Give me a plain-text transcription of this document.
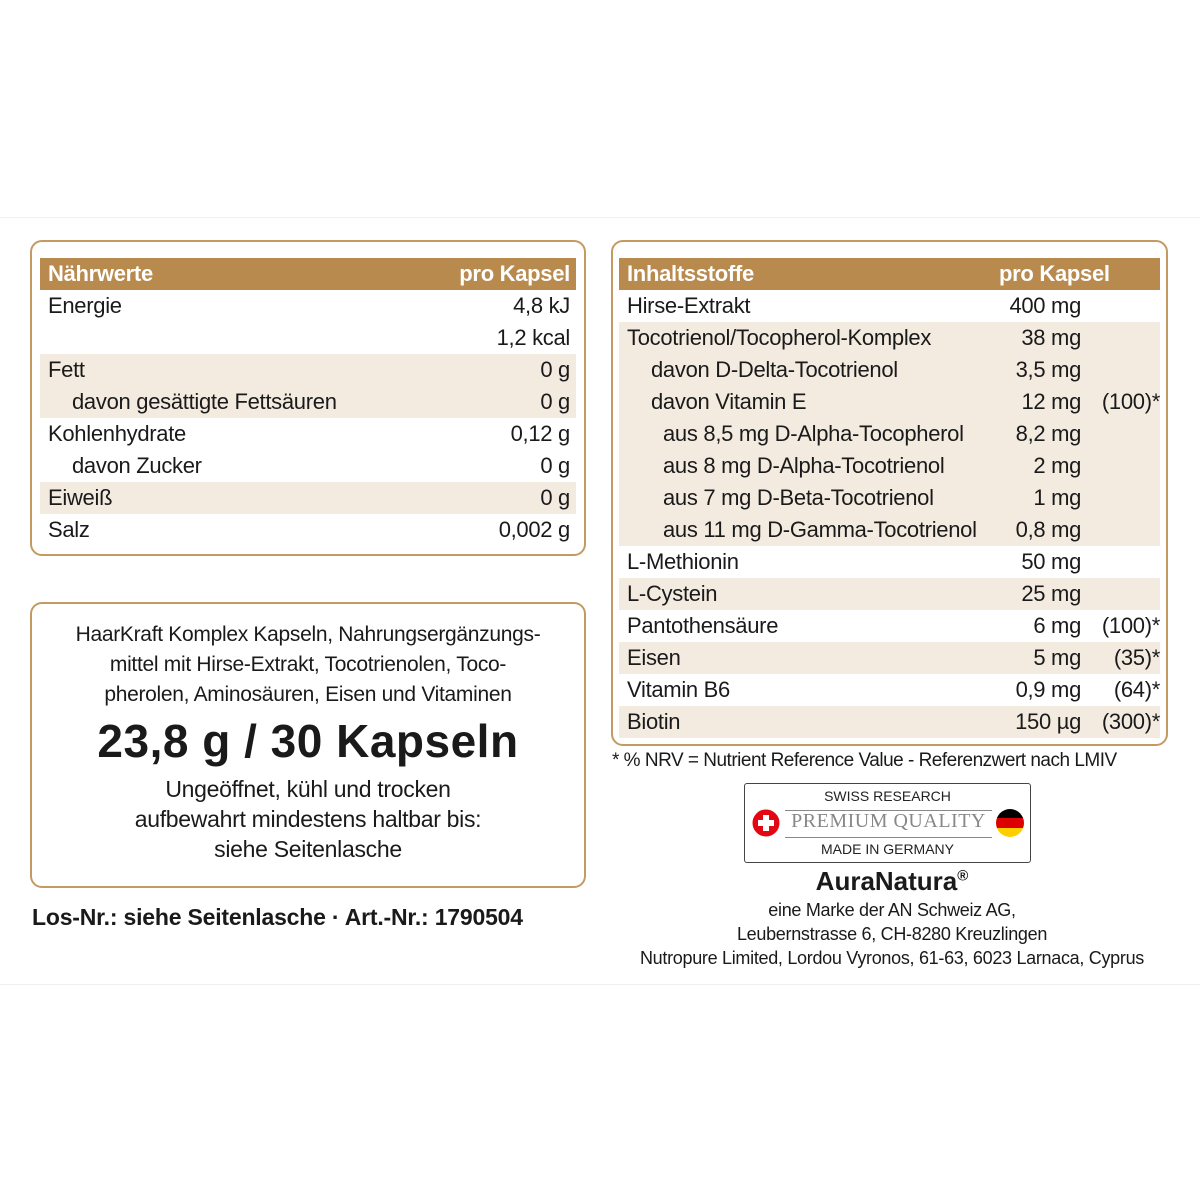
Nährwerte	pro Kapsel
Energie	4,8 kJ
1,2 kcal
Fett	0 g
davon gesättigte Fettsäuren	0 g
Kohlenhydrate	0,12 g
davon Zucker	0 g
Eiweiß	0 g
Salz	0,002 g
HaarKraft Komplex Kapseln, Nahrungsergänzungs-
mittel mit Hirse-Extrakt, Tocotrienolen, Toco-
pherolen, Aminosäuren, Eisen und Vitaminen
23,8 g / 30 Kapseln
Ungeöffnet, kühl und trocken
aufbewahrt mindestens haltbar bis:
siehe Seitenlasche
Los-Nr.: siehe Seitenlasche · Art.-Nr.: 1790504
Inhaltsstoffe	pro Kapsel
Hirse-Extrakt	400 mg
Tocotrienol/Tocopherol-Komplex	38 mg
davon D-Delta-Tocotrienol	3,5 mg
davon Vitamin E	12 mg (100)*
aus 8,5 mg D-Alpha-Tocopherol	8,2 mg
aus 8 mg D-Alpha-Tocotrienol	2 mg
aus 7 mg D-Beta-Tocotrienol	1 mg
aus 11 mg D-Gamma-Tocotrienol	0,8 mg
L-Methionin	50 mg
L-Cystein	25 mg
Pantothensäure	6 mg (100)*
Eisen	5 mg	(35)*
Vitamin B6	0,9 mg	(64)*
Biotin	150 µg (300)*
* % NRV = Nutrient Reference Value - Referenzwert nach LMIV
SWISS RESEARCH
PREMIUM QUALITY
MADE IN GERMANY
AuraNatura®
eine Marke der AN Schweiz AG,
Leubernstrasse 6, CH-8280 Kreuzlingen
Nutropure Limited, Lordou Vyronos, 61-63, 6023 Larnaca, Cyprus
